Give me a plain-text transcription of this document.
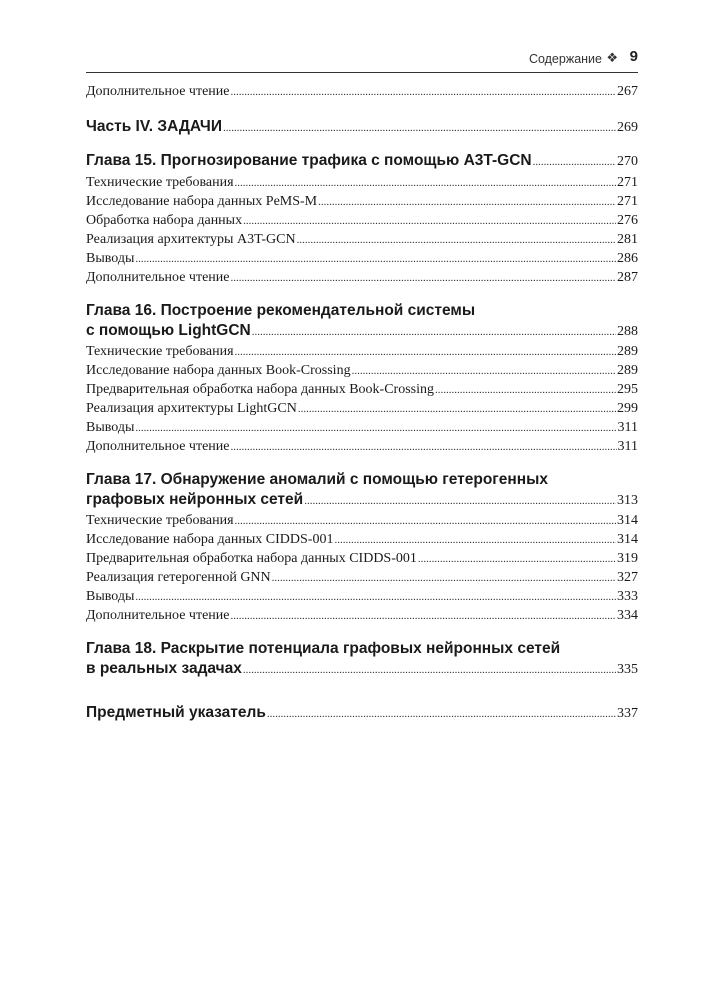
Содержание ❖ 9
Дополнительное чтение .....	267
Часть IV. ЗАДАЧИ .....	269
Глава 15. Прогнозирование трафика с помощью A3T-GCN .....	270
Технические требования .....	271
Исследование набора данных PeMS-M .....	271
Обработка набора данных .....	276
Реализация архитектуры A3T-GCN .....	281
Выводы .....	286
Дополнительное чтение .....	287
Глава 16. Построение рекомендательной системы
с помощью LightGCN .....	288
Технические требования .....	289
Исследование набора данных Book-Crossing .....	289
Предварительная обработка набора данных Book-Crossing .....	295
Реализация архитектуры LightGCN .....	299
Выводы .....	311
Дополнительное чтение .....	311
Глава 17. Обнаружение аномалий с помощью гетерогенных
графовых нейронных сетей .....	313
Технические требования .....	314
Исследование набора данных CIDDS-001 .....	314
Предварительная обработка набора данных CIDDS-001 .....	319
Реализация гетерогенной GNN .....	327
Выводы .....	333
Дополнительное чтение .....	334
Глава 18. Раскрытие потенциала графовых нейронных сетей
в реальных задачах .....	335
Предметный указатель .....	337
